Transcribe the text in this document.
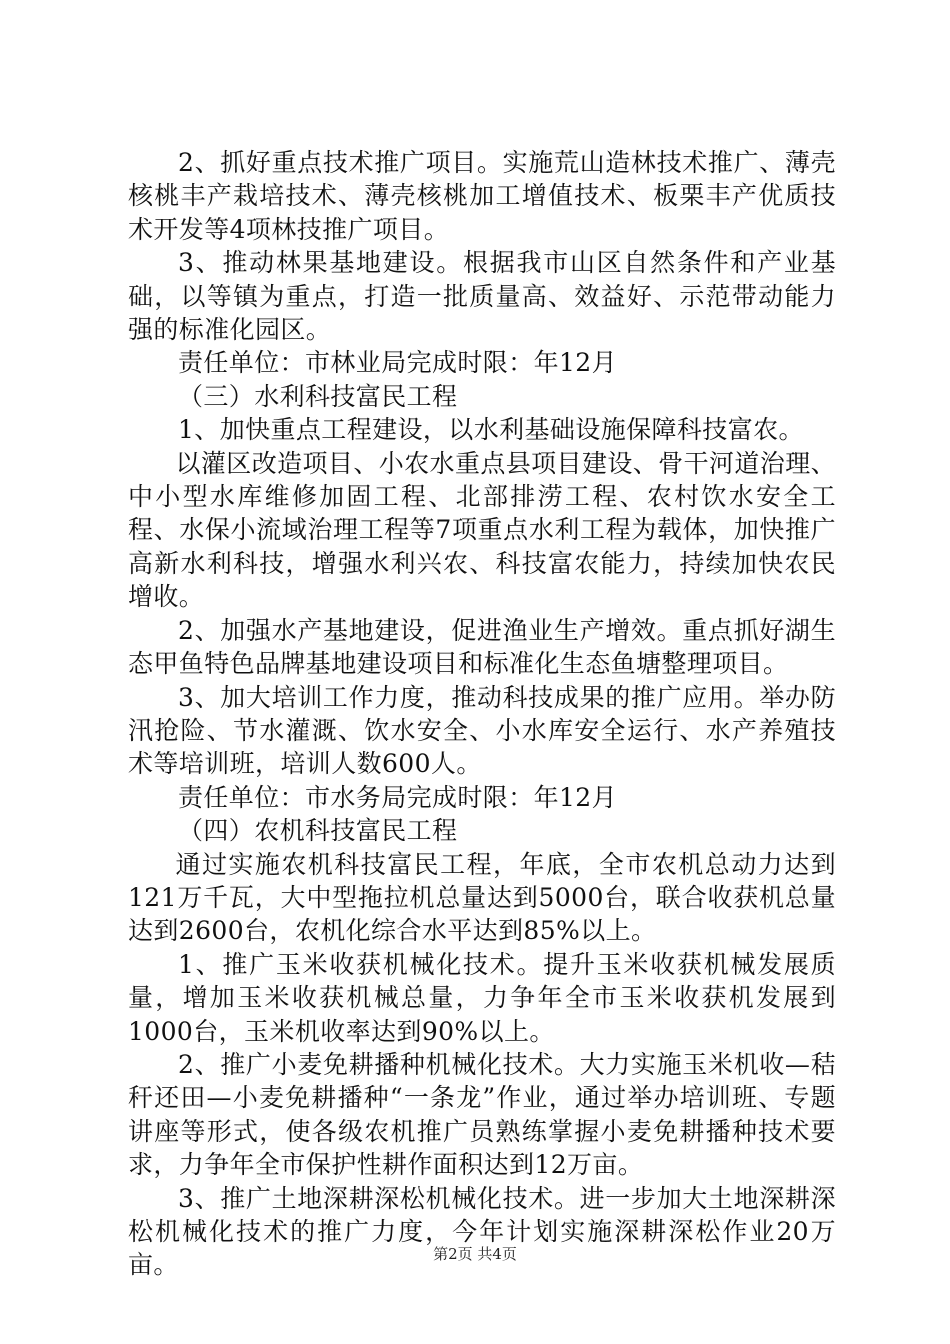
2、抓好重点技术推广项目。实施荒山造林技术推广、薄壳核桃丰产栽培技术、薄壳核桃加工增值技术、板栗丰产优质技术开发等4项林技推广项目。

3、推动林果基地建设。根据我市山区自然条件和产业基础，以等镇为重点，打造一批质量高、效益好、示范带动能力强的标准化园区。

责任单位：市林业局完成时限：年12月

（三）水利科技富民工程

1、加快重点工程建设，以水利基础设施保障科技富农。

以灌区改造项目、小农水重点县项目建设、骨干河道治理、中小型水库维修加固工程、北部排涝工程、农村饮水安全工程、水保小流域治理工程等7项重点水利工程为载体，加快推广高新水利科技，增强水利兴农、科技富农能力，持续加快农民增收。

2、加强水产基地建设，促进渔业生产增效。重点抓好湖生态甲鱼特色品牌基地建设项目和标准化生态鱼塘整理项目。

3、加大培训工作力度，推动科技成果的推广应用。举办防汛抢险、节水灌溉、饮水安全、小水库安全运行、水产养殖技术等培训班，培训人数600人。

责任单位：市水务局完成时限：年12月

（四）农机科技富民工程

通过实施农机科技富民工程，年底，全市农机总动力达到121万千瓦，大中型拖拉机总量达到5000台，联合收获机总量达到2600台，农机化综合水平达到85%以上。

1、推广玉米收获机械化技术。提升玉米收获机械发展质量，增加玉米收获机械总量，力争年全市玉米收获机发展到1000台，玉米机收率达到90%以上。

2、推广小麦免耕播种机械化技术。大力实施玉米机收—秸秆还田—小麦免耕播种“一条龙”作业，通过举办培训班、专题讲座等形式，使各级农机推广员熟练掌握小麦免耕播种技术要求，力争年全市保护性耕作面积达到12万亩。

3、推广土地深耕深松机械化技术。进一步加大土地深耕深松机械化技术的推广力度，今年计划实施深耕深松作业20万亩。	第2页 共4页
